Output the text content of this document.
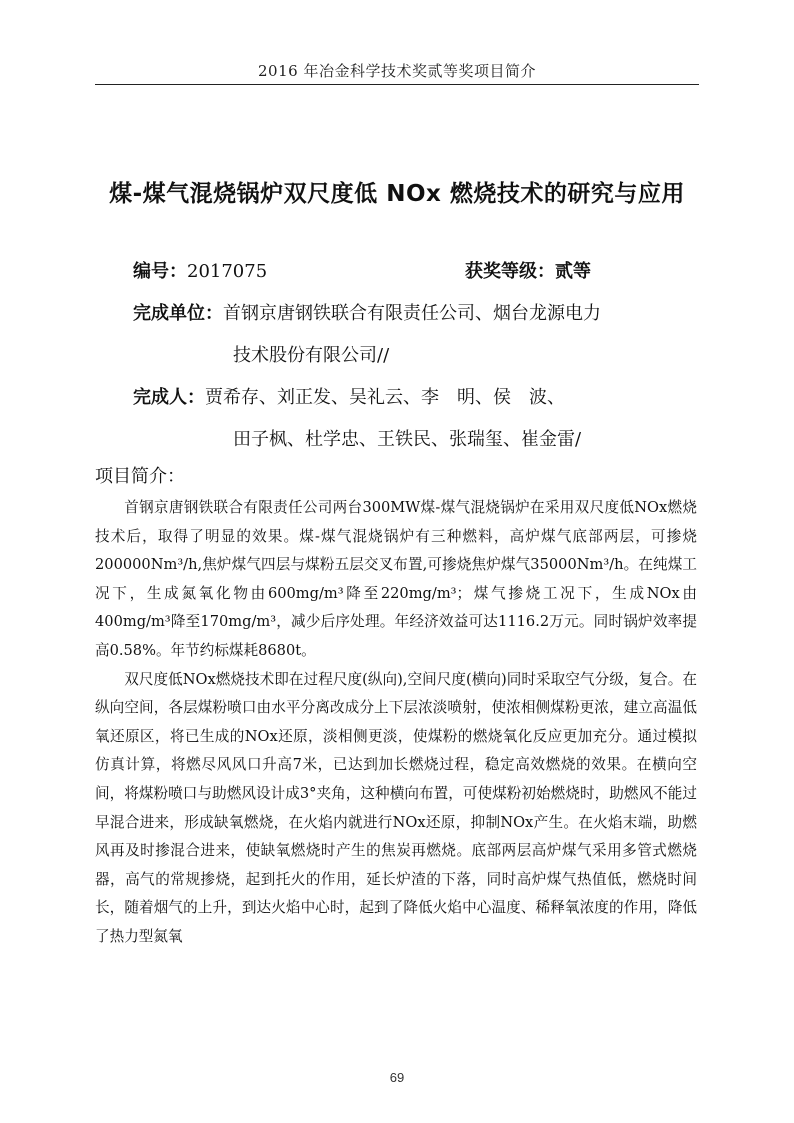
2016 年冶金科学技术奖贰等奖项目简介
煤-煤气混烧锅炉双尺度低 NOx 燃烧技术的研究与应用
编号：2017075	获奖等级：贰等
完成单位：首钢京唐钢铁联合有限责任公司、烟台龙源电力
技术股份有限公司//
完成人：贾希存、刘正发、吴礼云、李　明、侯　波、
田子枫、杜学忠、王铁民、张瑞玺、崔金雷/
项目简介：

首钢京唐钢铁联合有限责任公司两台300MW煤-煤气混烧锅炉在采用双尺度低NOx燃烧技术后，取得了明显的效果。煤-煤气混烧锅炉有三种燃料，高炉煤气底部两层，可掺烧200000Nm³/h,焦炉煤气四层与煤粉五层交叉布置,可掺烧焦炉煤气35000Nm³/h。在纯煤工况下，生成氮氧化物由600mg/m³降至220mg/m³；煤气掺烧工况下，生成NOx由400mg/m³降至170mg/m³，减少后序处理。年经济效益可达1116.2万元。同时锅炉效率提高0.58%。年节约标煤耗8680t。

双尺度低NOx燃烧技术即在过程尺度(纵向),空间尺度(横向)同时采取空气分级，复合。在纵向空间，各层煤粉喷口由水平分离改成分上下层浓淡喷射，使浓相侧煤粉更浓，建立高温低氧还原区，将已生成的NOx还原，淡相侧更淡，使煤粉的燃烧氧化反应更加充分。通过模拟仿真计算，将燃尽风风口升高7米，已达到加长燃烧过程，稳定高效燃烧的效果。在横向空间，将煤粉喷口与助燃风设计成3°夹角，这种横向布置，可使煤粉初始燃烧时，助燃风不能过早混合进来，形成缺氧燃烧，在火焰内就进行NOx还原，抑制NOx产生。在火焰末端，助燃风再及时掺混合进来，使缺氧燃烧时产生的焦炭再燃烧。底部两层高炉煤气采用多管式燃烧器，高气的常规掺烧，起到托火的作用，延长炉渣的下落，同时高炉煤气热值低，燃烧时间长，随着烟气的上升，到达火焰中心时，起到了降低火焰中心温度、稀释氧浓度的作用，降低了热力型氮氧

69
